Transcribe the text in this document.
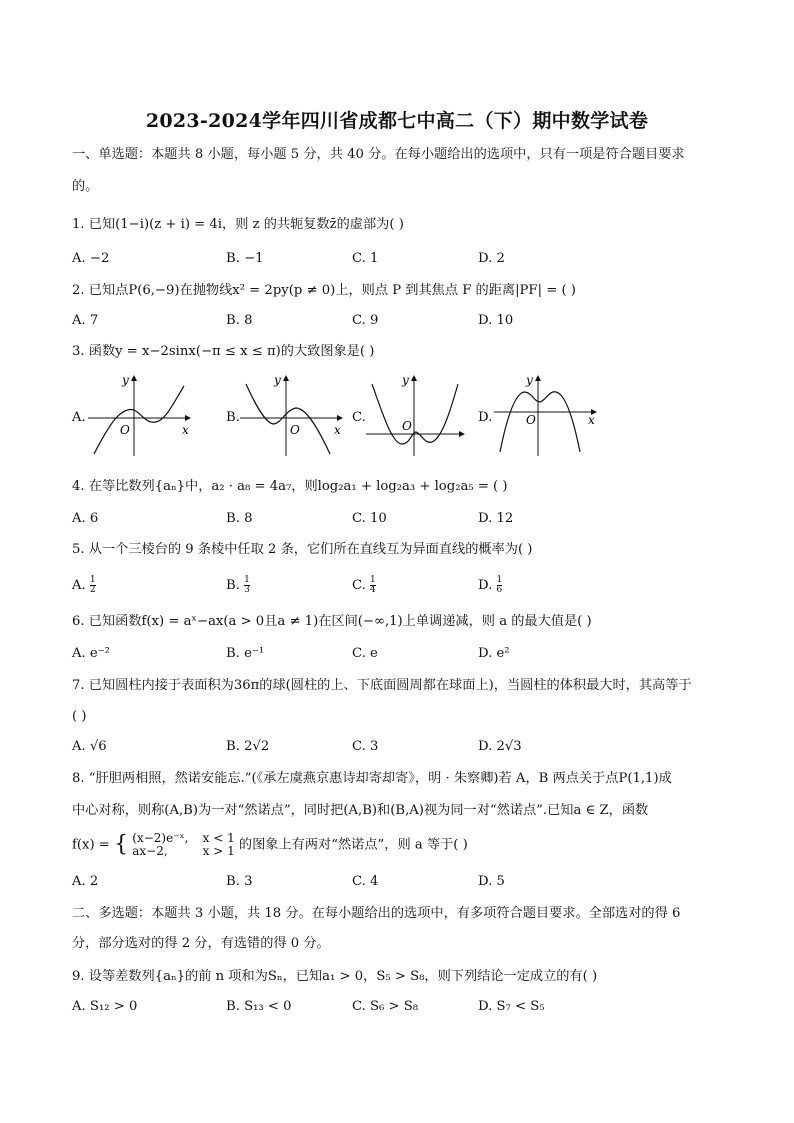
2023-2024学年四川省成都七中高二（下）期中数学试卷
一、单选题：本题共 8 小题，每小题 5 分，共 40 分。在每小题给出的选项中，只有一项是符合题目要求
的。
1. 已知(1−i)(z + i) = 4i，则 z 的共轭复数z̄的虚部为( )
A. −2	B. −1	C. 1	D. 2
2. 已知点P(6,−9)在抛物线x² = 2py(p ≠ 0)上，则点 P 到其焦点 F 的距离|PF| = ( )
A. 7	B. 8	C. 9	D. 10
3. 函数y = x−2sinx(−π ≤ x ≤ π)的大致图象是( )
A.
y
x
O
B.
y
x
O
C.
y
O
D.
y
x
O
4. 在等比数列{aₙ}中，a₂ · a₈ = 4a₇，则log₂a₁ + log₂a₃ + log₂a₅ = ( )
A. 6	B. 8	C. 10	D. 12
5. 从一个三棱台的 9 条棱中任取 2 条，它们所在直线互为异面直线的概率为( )
A. $\frac{1}{2}$	B. $\frac{1}{3}$	C. $\frac{1}{4}$	D. $\frac{1}{6}$
6. 已知函数f(x) = aˣ−ax(a > 0且a ≠ 1)在区间(−∞,1)上单调递减，则 a 的最大值是( )
A. e⁻²	B. e⁻¹	C. e	D. e²
7. 已知圆柱内接于表面积为36π的球(圆柱的上、下底面圆周都在球面上)，当圆柱的体积最大时，其高等于
( )
A. √6	B. 2√2	C. 3	D. 2√3
8. “肝胆两相照，然诺安能忘.”(《承左虞燕京惠诗却寄却寄》，明 · 朱察卿)若 A，B 两点关于点P(1,1)成
中心对称，则称(A,B)为一对“然诺点”，同时把(A,B)和(B,A)视为同一对“然诺点”.已知a ∈ Z，函数
f(x) = { (x−2)e⁻ˣ,
ax−2,

x < 1
x > 1 的图象上有两对“然诺点”，则 a 等于( )
A. 2	B. 3	C. 4	D. 5
二、多选题：本题共 3 小题，共 18 分。在每小题给出的选项中，有多项符合题目要求。全部选对的得 6
分，部分选对的得 2 分，有选错的得 0 分。
9. 设等差数列{aₙ}的前 n 项和为Sₙ，已知a₁ > 0，S₅ > S₈，则下列结论一定成立的有( )
A. S₁₂ > 0	B. S₁₃ < 0	C. S₆ > S₈	D. S₇ < S₅
